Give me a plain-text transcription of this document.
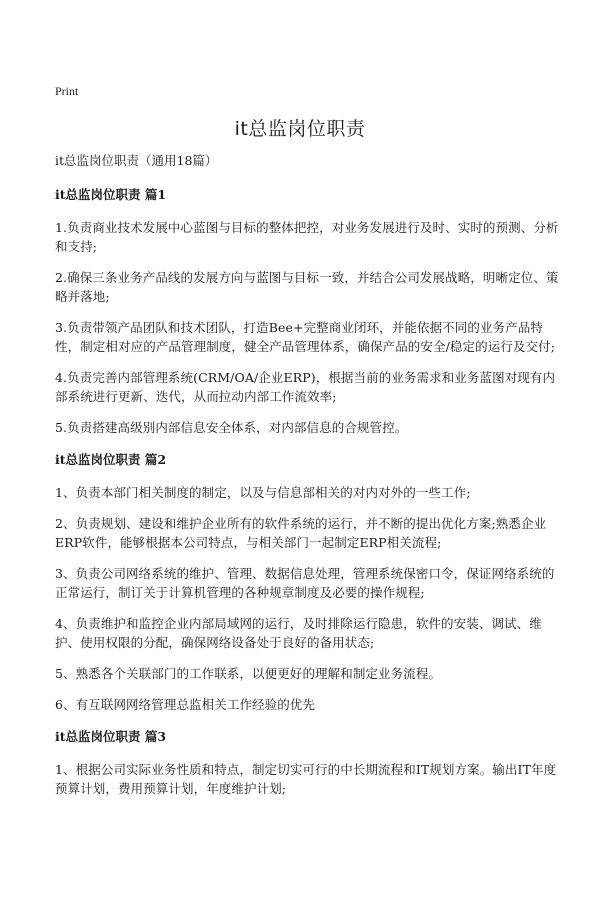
Print
it总监岗位职责

it总监岗位职责（通用18篇）

it总监岗位职责 篇1

1.负责商业技术发展中心蓝图与目标的整体把控，对业务发展进行及时、实时的预测、分析和支持;

2.确保三条业务产品线的发展方向与蓝图与目标一致，并结合公司发展战略，明晰定位、策略并落地;

3.负责带领产品团队和技术团队，打造Bee+完整商业闭环，并能依据不同的业务产品特性，制定相对应的产品管理制度，健全产品管理体系，确保产品的安全/稳定的运行及交付;

4.负责完善内部管理系统(CRM/OA/企业ERP)，根据当前的业务需求和业务蓝图对现有内部系统进行更新、迭代，从而拉动内部工作流效率;

5.负责搭建高级别内部信息安全体系，对内部信息的合规管控。

it总监岗位职责 篇2

1、负责本部门相关制度的制定，以及与信息部相关的对内对外的一些工作;

2、负责规划、建设和维护企业所有的软件系统的运行，并不断的提出优化方案;熟悉企业ERP软件，能够根据本公司特点，与相关部门一起制定ERP相关流程;

3、负责公司网络系统的维护、管理、数据信息处理，管理系统保密口令，保证网络系统的正常运行，制订关于计算机管理的各种规章制度及必要的操作规程;

4、负责维护和监控企业内部局域网的运行，及时排除运行隐患，软件的安装、调试、维护、使用权限的分配，确保网络设备处于良好的备用状态;

5、熟悉各个关联部门的工作联系，以便更好的理解和制定业务流程。

6、有互联网网络管理总监相关工作经验的优先

it总监岗位职责 篇3

1、根据公司实际业务性质和特点，制定切实可行的中长期流程和IT规划方案。输出IT年度预算计划，费用预算计划，年度维护计划;
